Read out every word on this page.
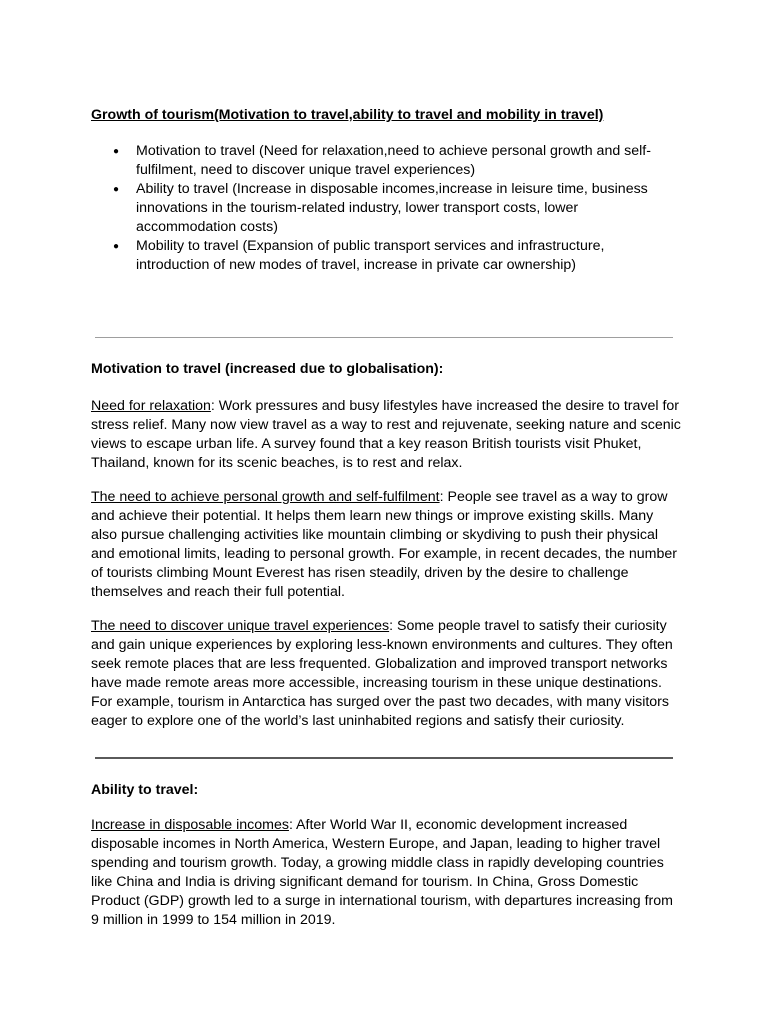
Growth of tourism(Motivation to travel,ability to travel and mobility in travel)

● Motivation to travel (Need for relaxation,need to achieve personal growth and self-fulfilment, need to discover unique travel experiences)
● Ability to travel (Increase in disposable incomes,increase in leisure time, business innovations in the tourism-related industry, lower transport costs, lower accommodation costs)
● Mobility to travel (Expansion of public transport services and infrastructure, introduction of new modes of travel, increase in private car ownership)

Motivation to travel (increased due to globalisation):

Need for relaxation: Work pressures and busy lifestyles have increased the desire to travel for stress relief. Many now view travel as a way to rest and rejuvenate, seeking nature and scenic views to escape urban life. A survey found that a key reason British tourists visit Phuket, Thailand, known for its scenic beaches, is to rest and relax.

The need to achieve personal growth and self-fulfilment: People see travel as a way to grow and achieve their potential. It helps them learn new things or improve existing skills. Many also pursue challenging activities like mountain climbing or skydiving to push their physical and emotional limits, leading to personal growth. For example, in recent decades, the number of tourists climbing Mount Everest has risen steadily, driven by the desire to challenge themselves and reach their full potential.

The need to discover unique travel experiences: Some people travel to satisfy their curiosity and gain unique experiences by exploring less-known environments and cultures. They often seek remote places that are less frequented. Globalization and improved transport networks have made remote areas more accessible, increasing tourism in these unique destinations. For example, tourism in Antarctica has surged over the past two decades, with many visitors eager to explore one of the world’s last uninhabited regions and satisfy their curiosity.

Ability to travel:

Increase in disposable incomes: After World War II, economic development increased disposable incomes in North America, Western Europe, and Japan, leading to higher travel spending and tourism growth. Today, a growing middle class in rapidly developing countries like China and India is driving significant demand for tourism. In China, Gross Domestic Product (GDP) growth led to a surge in international tourism, with departures increasing from 9 million in 1999 to 154 million in 2019.
